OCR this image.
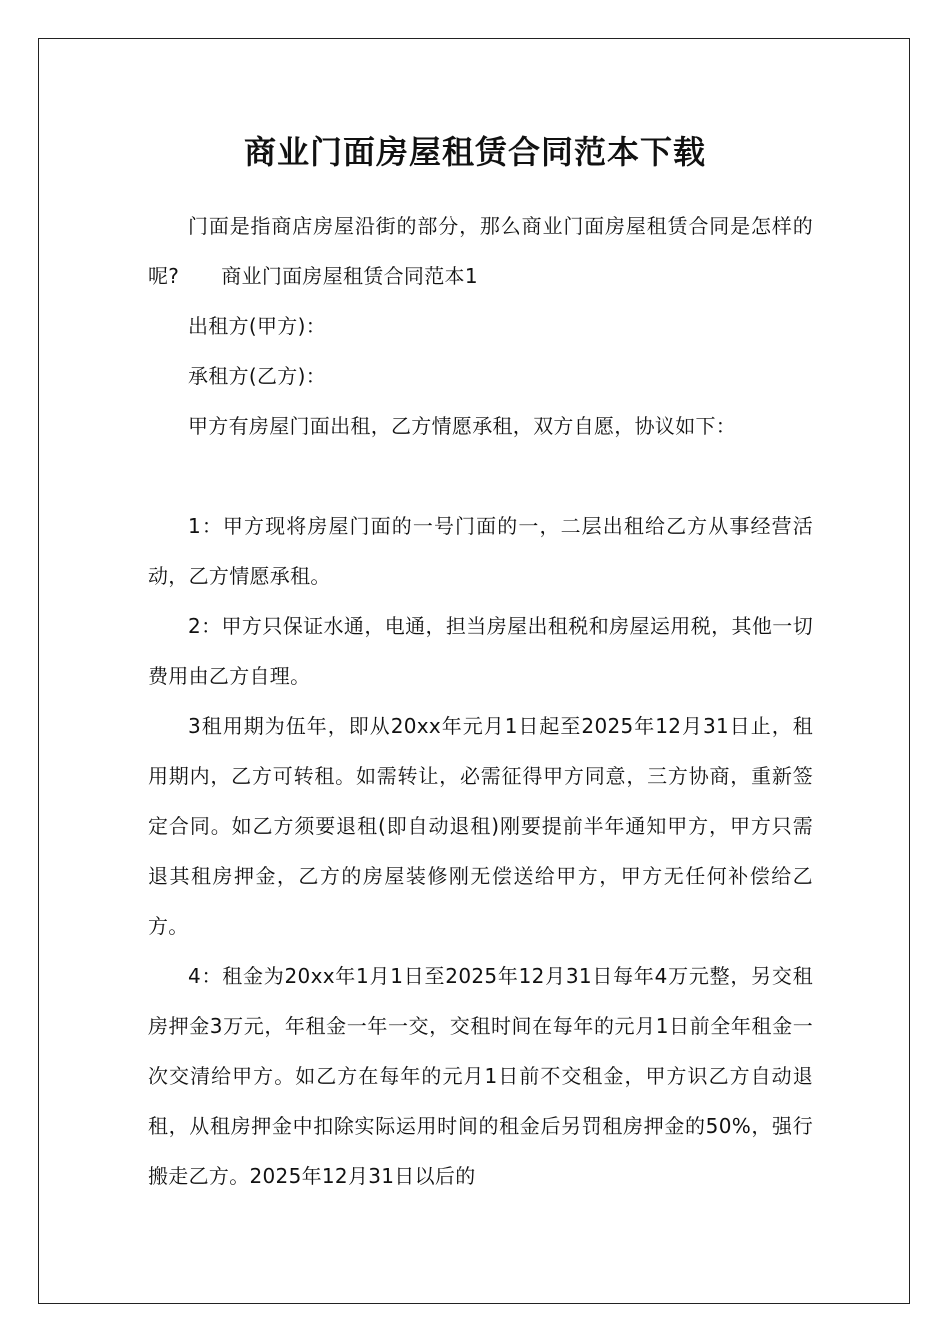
商业门面房屋租赁合同范本下载

门面是指商店房屋沿街的部分，那么商业门面房屋租赁合同是怎样的呢? 商业门面房屋租赁合同范本1

出租方(甲方)：

承租方(乙方)：

甲方有房屋门面出租，乙方情愿承租，双方自愿，协议如下：

1：甲方现将房屋门面的一号门面的一，二层出租给乙方从事经营活动，乙方情愿承租。

2：甲方只保证水通，电通，担当房屋出租税和房屋运用税，其他一切费用由乙方自理。

3租用期为伍年，即从20xx年元月1日起至2025年12月31日止，租用期内，乙方可转租。如需转让，必需征得甲方同意，三方协商，重新签定合同。如乙方须要退租(即自动退租)刚要提前半年通知甲方，甲方只需退其租房押金，乙方的房屋装修刚无偿送给甲方，甲方无任何补偿给乙方。

4：租金为20xx年1月1日至2025年12月31日每年4万元整，另交租房押金3万元，年租金一年一交，交租时间在每年的元月1日前全年租金一次交清给甲方。如乙方在每年的元月1日前不交租金，甲方识乙方自动退租，从租房押金中扣除实际运用时间的租金后另罚租房押金的50%，强行搬走乙方。2025年12月31日以后的
